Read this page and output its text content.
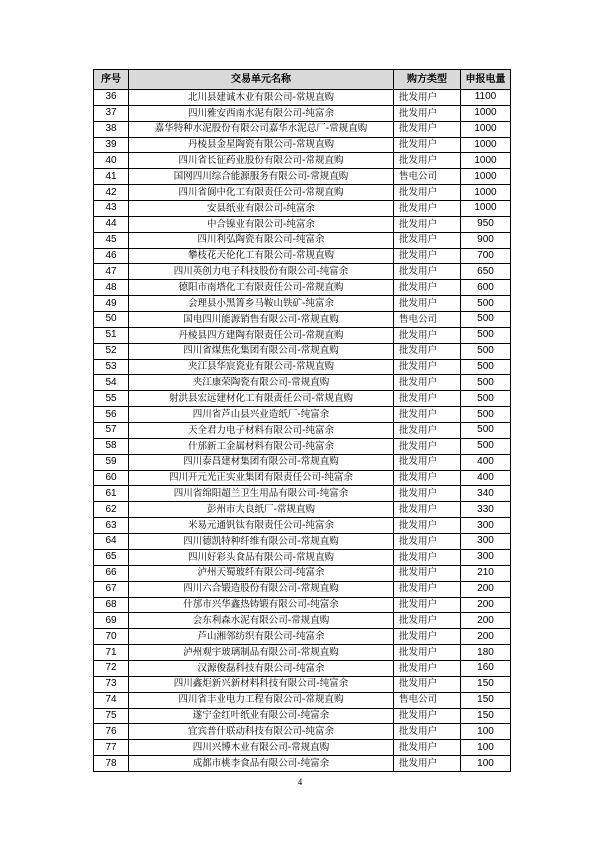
序号	交易单元名称	购方类型	申报电量
36	北川县建诚木业有限公司-常规直购	批发用户	1100
37	四川雅安西南水泥有限公司-纯富余	批发用户	1000
38	嘉华特种水泥股份有限公司嘉华水泥总厂-常规直购	批发用户	1000
39	丹棱县金星陶瓷有限公司-常规直购	批发用户	1000
40	四川省长征药业股份有限公司-常规直购	批发用户	1000
41	国网四川综合能源服务有限公司-常规直购	售电公司	1000
42	四川省阆中化工有限责任公司-常规直购	批发用户	1000
43	安县纸业有限公司-纯富余	批发用户	1000
44	中合镍业有限公司-纯富余	批发用户	950
45	四川利弘陶瓷有限公司-纯富余	批发用户	900
46	攀枝花天伦化工有限公司-常规直购	批发用户	700
47	四川英创力电子科技股份有限公司-纯富余	批发用户	650
48	德阳市南塔化工有限责任公司-常规直购	批发用户	600
49	会理县小黑箐乡马鞍山铁矿-纯富余	批发用户	500
50	国电四川能源销售有限公司-常规直购	售电公司	500
51	丹棱县四方建陶有限责任公司-常规直购	批发用户	500
52	四川省煤焦化集团有限公司-常规直购	批发用户	500
53	夹江县华宸瓷业有限公司-常规直购	批发用户	500
54	夹江康荣陶瓷有限公司-常规直购	批发用户	500
55	射洪县宏远建材化工有限责任公司-常规直购	批发用户	500
56	四川省芦山县兴业造纸厂-纯富余	批发用户	500
57	天全君力电子材料有限公司-纯富余	批发用户	500
58	什邡新工金属材料有限公司-纯富余	批发用户	500
59	四川泰昌建材集团有限公司-常规直购	批发用户	400
60	四川开元光正实业集团有限责任公司-纯富余	批发用户	400
61	四川省绵阳超兰卫生用品有限公司-纯富余	批发用户	340
62	彭州市大良纸厂-常规直购	批发用户	330
63	米易元通钒钛有限责任公司-纯富余	批发用户	300
64	四川德凯特种纤维有限公司-常规直购	批发用户	300
65	四川好彩头食品有限公司-常规直购	批发用户	300
66	泸州天蜀玻纤有限公司-纯富余	批发用户	210
67	四川六合锻造股份有限公司-常规直购	批发用户	200
68	什邡市兴华鑫热铸锻有限公司-纯富余	批发用户	200
69	会东利森水泥有限公司-常规直购	批发用户	200
70	芦山湘邻纺织有限公司-纯富余	批发用户	200
71	泸州观宇玻璃制品有限公司-常规直购	批发用户	180
72	汉源俊磊科技有限公司-纯富余	批发用户	160
73	四川鑫炬新兴新材料科技有限公司-纯富余	批发用户	150
74	四川省丰业电力工程有限公司-常规直购	售电公司	150
75	遂宁金红叶纸业有限公司-纯富余	批发用户	150
76	宜宾普什联动科技有限公司-纯富余	批发用户	100
77	四川兴博木业有限公司-常规直购	批发用户	100
78	成都市桃李食品有限公司-纯富余	批发用户	100
4
